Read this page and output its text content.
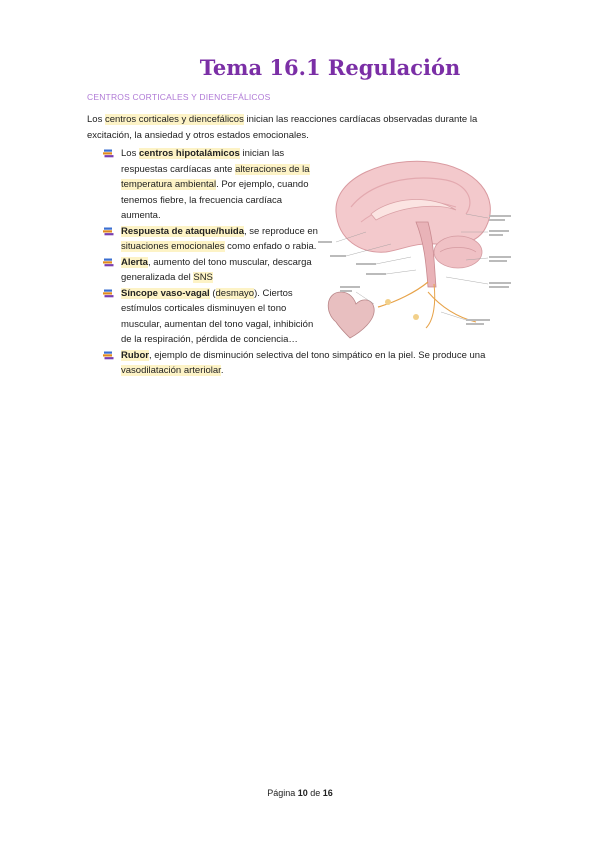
Tema 16.1 Regulación
CENTROS CORTICALES Y DIENCEFÁLICOS
Los centros corticales y diencefálicos inician las reacciones cardíacas observadas durante la excitación, la ansiedad y otros estados emocionales.
Los centros hipotalámicos inician las respuestas cardíacas ante alteraciones de la temperatura ambiental. Por ejemplo, cuando tenemos fiebre, la frecuencia cardíaca aumenta.
Respuesta de ataque/huida, se reproduce en situaciones emocionales como enfado o rabia.
Alerta, aumento del tono muscular, descarga generalizada del SNS
Síncope vaso-vagal (desmayo). Ciertos estímulos corticales disminuyen el tono muscular, aumentan del tono vagal, inhibición de la respiración, pérdida de conciencia…
Rubor, ejemplo de disminución selectiva del tono simpático en la piel. Se produce una vasodilatación arteriolar.
Página 10 de 16
